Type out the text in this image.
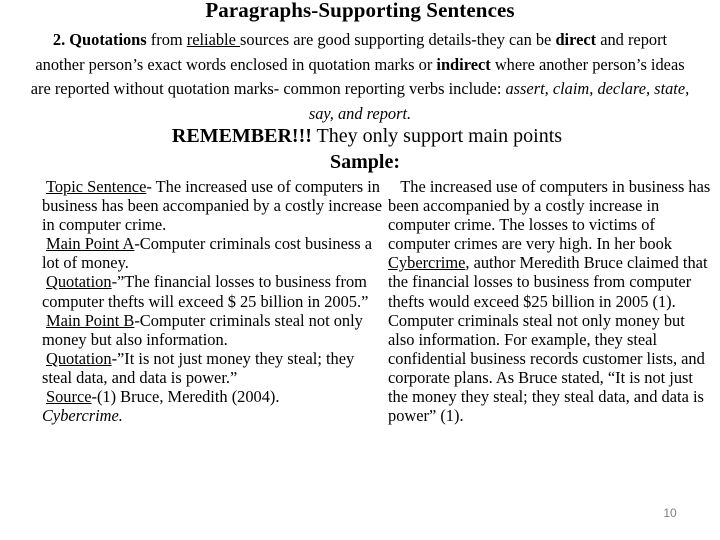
Paragraphs-Supporting Sentences
2. Quotations from reliable sources are good supporting details-they can be direct and report another person’s exact words enclosed in quotation marks or indirect where another person’s ideas are reported without quotation marks- common reporting verbs include: assert, claim, declare, state, say, and report.
REMEMBER!!! They only support main points
Sample:

Topic Sentence- The increased use of computers in business has been accompanied by a costly increase in computer crime.

Main Point A-Computer criminals cost business a lot of money.

Quotation-”The financial losses to business from computer thefts will exceed $ 25 billion in 2005.”

Main Point B-Computer criminals steal not only money but also information.

Quotation-”It is not just money they steal; they steal data, and data is power.”

Source-(1) Bruce, Meredith (2004).
Cybercrime.

The increased use of computers in business has been accompanied by a costly increase in computer crime. The losses to victims of computer crimes are very high. In her book Cybercrime, author Meredith Bruce claimed that the financial losses to business from computer thefts would exceed $25 billion in 2005 (1). Computer criminals steal not only money but also information. For example, they steal confidential business records customer lists, and corporate plans. As Bruce stated, “It is not just the money they steal; they steal data, and data is power” (1).

10
